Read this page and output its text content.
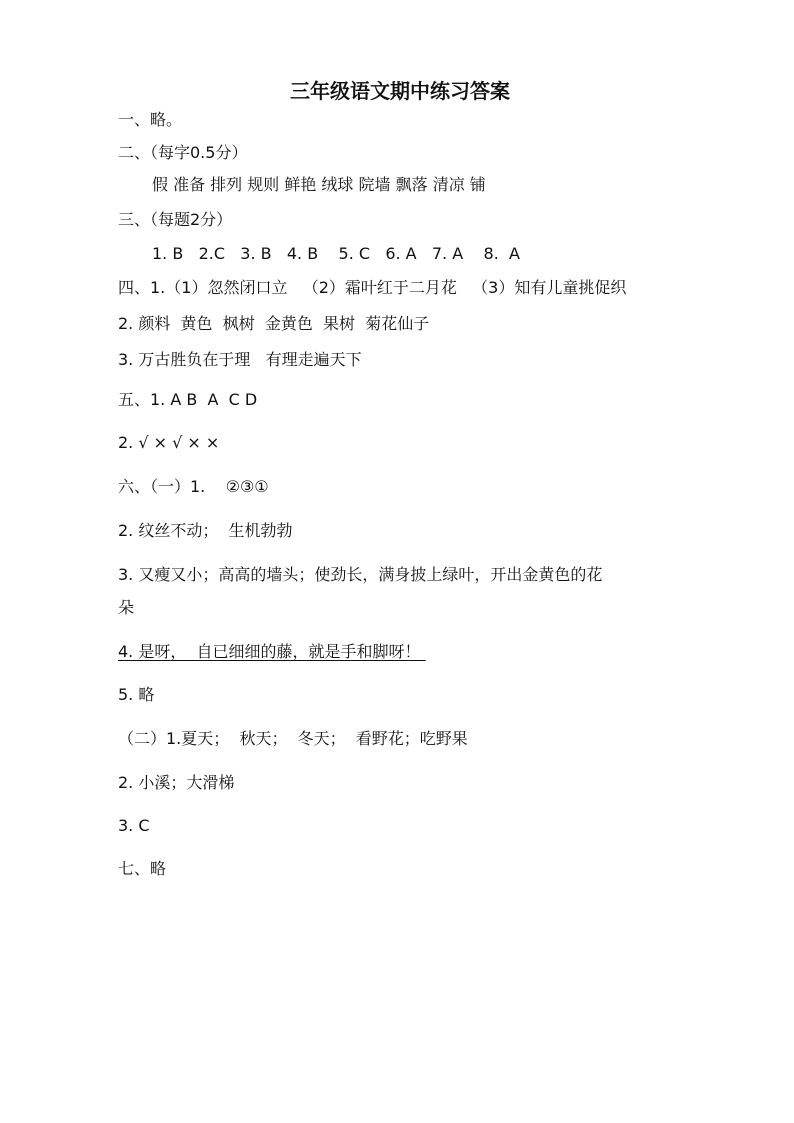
三年级语文期中练习答案
一、略。
二、（每字0.5分）
假 准备 排列 规则 鲜艳 绒球 院墙 飘落 清凉 铺
三、（每题2分）
1. B   2.C   3. B   4. B    5. C   6. A   7. A    8.  A
四、1.（1）忽然闭口立   （2）霜叶红于二月花   （3）知有儿童挑促织
2. 颜料  黄色  枫树  金黄色  果树  菊花仙子
3. 万古胜负在于理   有理走遍天下
五、1. A B  A  C D
2. √ × √ × ×
六、（一）1.    ②③①
2. 纹丝不动；  生机勃勃
3. 又瘦又小；高高的墙头；使劲长，满身披上绿叶，开出金黄色的花
朵
4. 是呀，  自已细细的藤，就是手和脚呀！
5. 略
（二）1.夏天；  秋天；  冬天；  看野花；吃野果
2. 小溪；大滑梯
3. C
七、略
